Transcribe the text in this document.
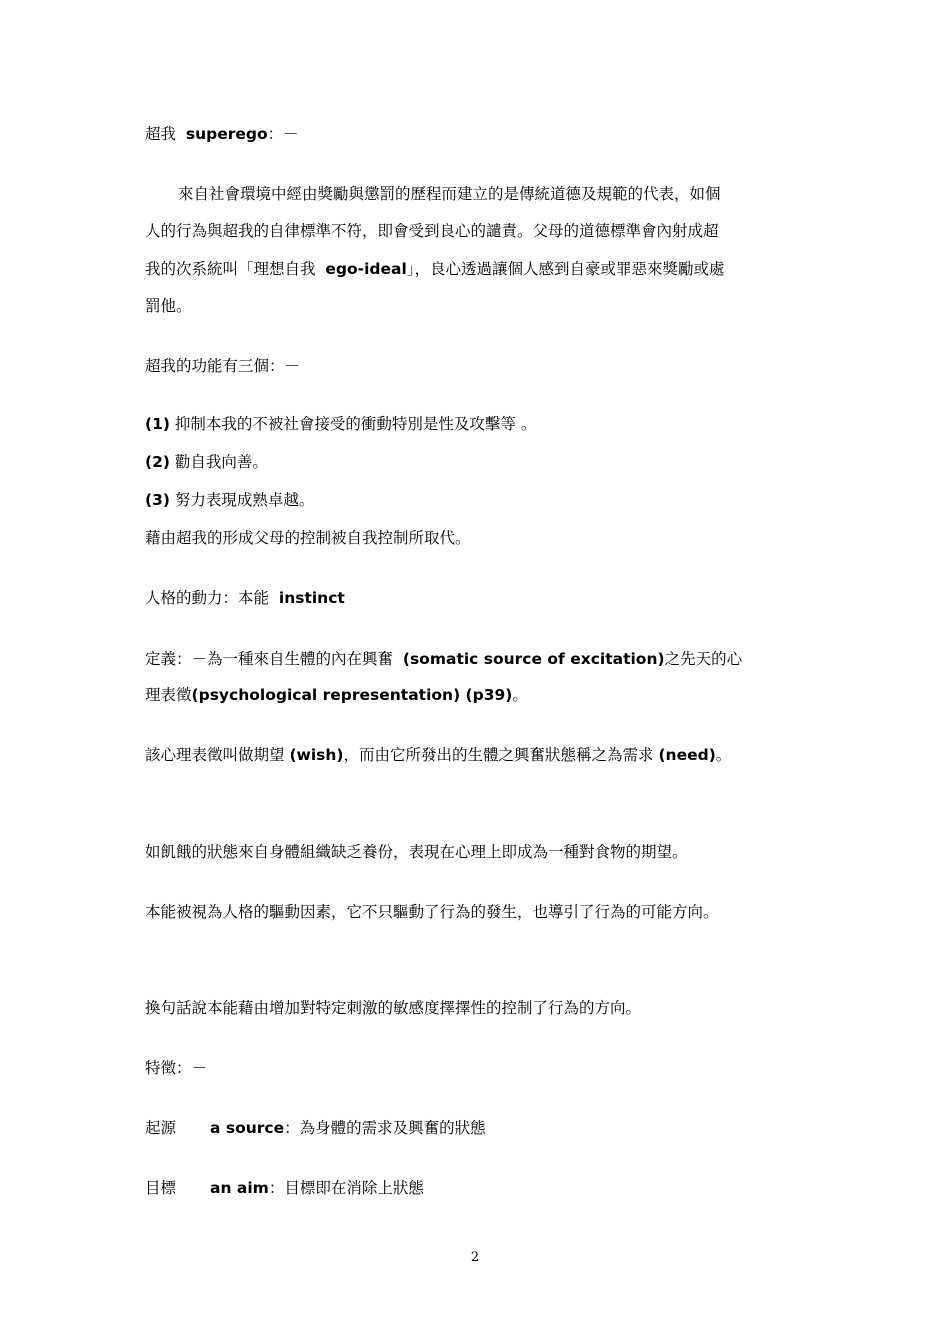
超我 superego：－

來自社會環境中經由獎勵與懲罰的歷程而建立的是傳統道德及規範的代表，如個

人的行為與超我的自律標準不符，即會受到良心的譴責。父母的道德標準會內射成超

我的次系統叫「理想自我 ego-ideal」，良心透過讓個人感到自豪或罪惡來獎勵或處

罰他。

超我的功能有三個：－

(1) 抑制本我的不被社會接受的衝動特別是性及攻擊等 。

(2) 勸自我向善。

(3) 努力表現成熟卓越。

藉由超我的形成父母的控制被自我控制所取代。

人格的動力：本能 instinct

定義：－為一種來自生體的內在興奮 (somatic source of excitation)之先天的心

理表徵(psychological representation) (p39)。

該心理表徵叫做期望 (wish)，而由它所發出的生體之興奮狀態稱之為需求 (need)。

如飢餓的狀態來自身體組織缺乏養份，表現在心理上即成為一種對食物的期望。

本能被視為人格的驅動因素，它不只驅動了行為的發生，也導引了行為的可能方向。

換句話說本能藉由增加對特定刺激的敏感度擇擇性的控制了行為的方向。

特徵：－

起源 a source：為身體的需求及興奮的狀態

目標 an aim：目標即在消除上狀態

2
